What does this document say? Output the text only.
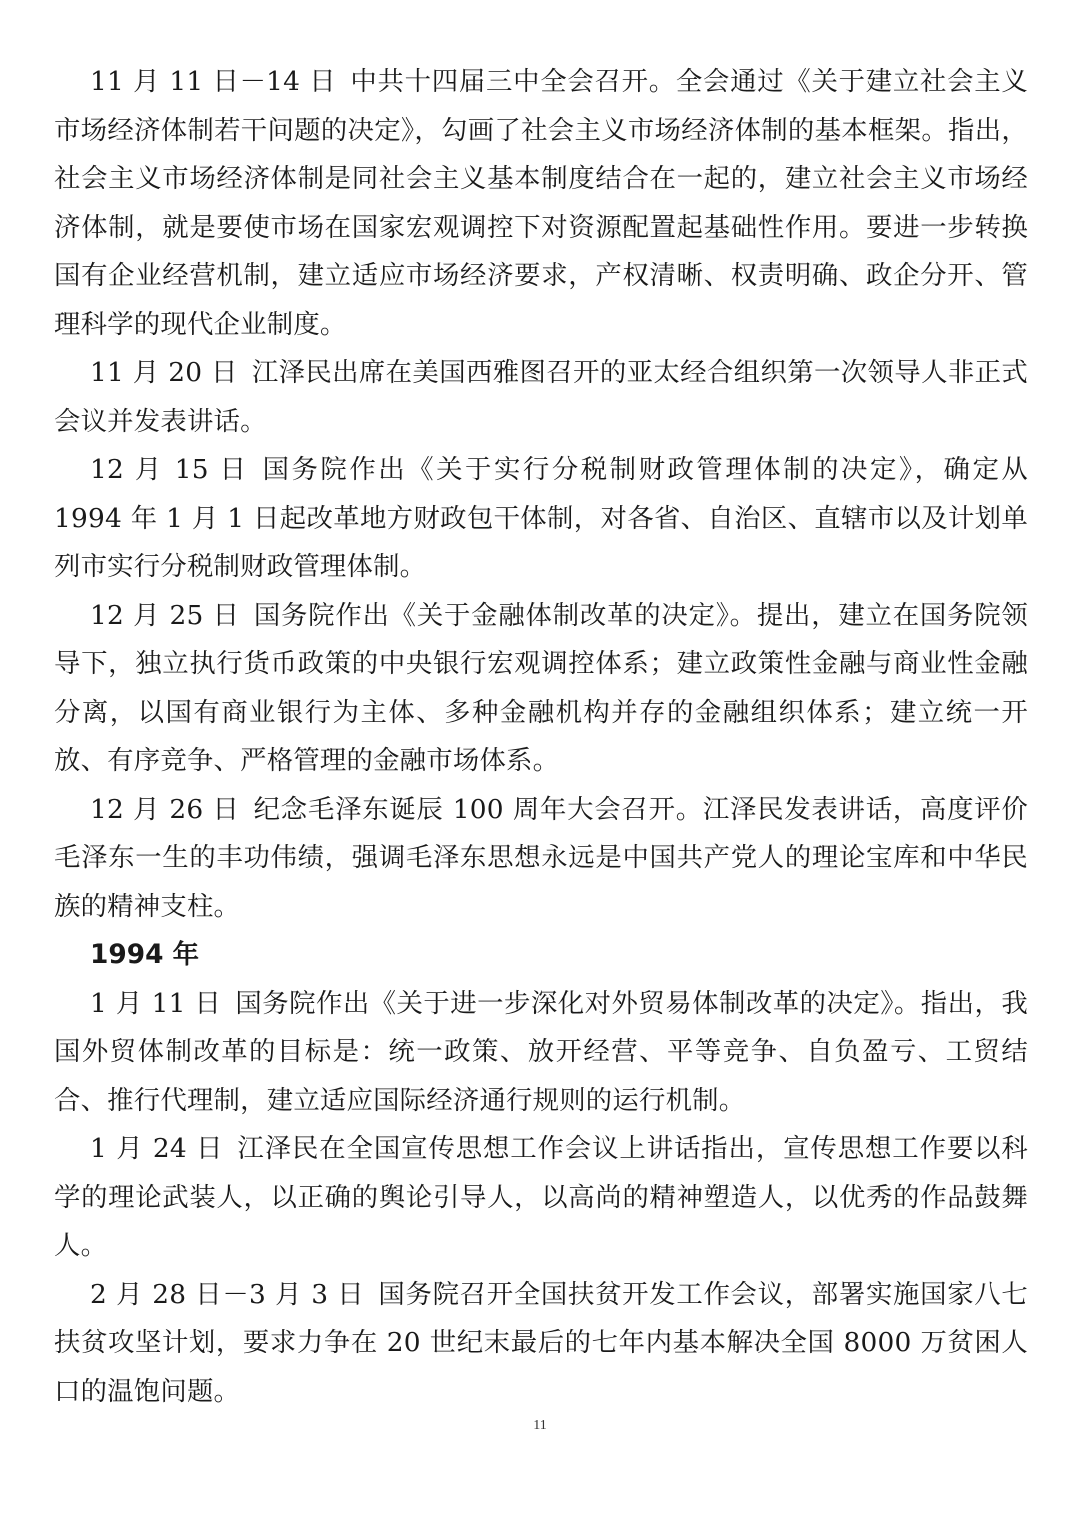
11 月 11 日－14 日 中共十四届三中全会召开。全会通过《关于建立社会主义市场经济体制若干问题的决定》，勾画了社会主义市场经济体制的基本框架。指出，社会主义市场经济体制是同社会主义基本制度结合在一起的，建立社会主义市场经济体制，就是要使市场在国家宏观调控下对资源配置起基础性作用。要进一步转换国有企业经营机制，建立适应市场经济要求，产权清晰、权责明确、政企分开、管理科学的现代企业制度。

11 月 20 日 江泽民出席在美国西雅图召开的亚太经合组织第一次领导人非正式会议并发表讲话。

12 月 15 日 国务院作出《关于实行分税制财政管理体制的决定》，确定从 1994 年 1 月 1 日起改革地方财政包干体制，对各省、自治区、直辖市以及计划单列市实行分税制财政管理体制。

12 月 25 日 国务院作出《关于金融体制改革的决定》。提出，建立在国务院领导下，独立执行货币政策的中央银行宏观调控体系；建立政策性金融与商业性金融分离，以国有商业银行为主体、多种金融机构并存的金融组织体系；建立统一开放、有序竞争、严格管理的金融市场体系。

12 月 26 日 纪念毛泽东诞辰 100 周年大会召开。江泽民发表讲话，高度评价毛泽东一生的丰功伟绩，强调毛泽东思想永远是中国共产党人的理论宝库和中华民族的精神支柱。

1994 年

1 月 11 日 国务院作出《关于进一步深化对外贸易体制改革的决定》。指出，我国外贸体制改革的目标是：统一政策、放开经营、平等竞争、自负盈亏、工贸结合、推行代理制，建立适应国际经济通行规则的运行机制。

1 月 24 日 江泽民在全国宣传思想工作会议上讲话指出，宣传思想工作要以科学的理论武装人，以正确的舆论引导人，以高尚的精神塑造人，以优秀的作品鼓舞人。

2 月 28 日－3 月 3 日 国务院召开全国扶贫开发工作会议，部署实施国家八七扶贫攻坚计划，要求力争在 20 世纪末最后的七年内基本解决全国 8000 万贫困人口的温饱问题。

11
